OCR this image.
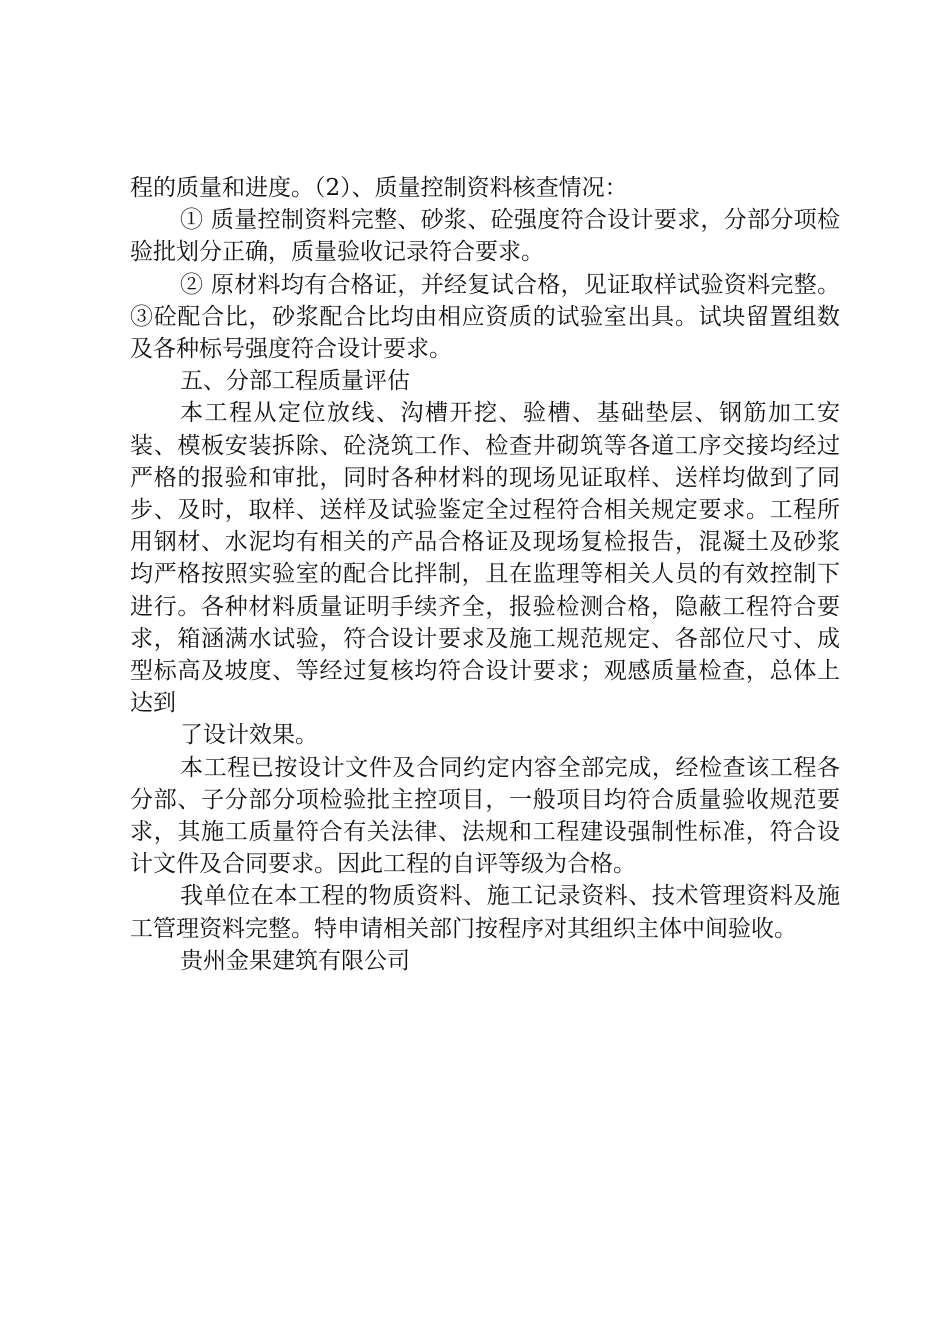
程的质量和进度。（2）、质量控制资料核查情况：

① 质量控制资料完整、砂浆、砼强度符合设计要求，分部分项检验批划分正确，质量验收记录符合要求。

② 原材料均有合格证，并经复试合格，见证取样试验资料完整。③砼配合比，砂浆配合比均由相应资质的试验室出具。试块留置组数及各种标号强度符合设计要求。

五、分部工程质量评估

本工程从定位放线、沟槽开挖、验槽、基础垫层、钢筋加工安装、模板安装拆除、砼浇筑工作、检查井砌筑等各道工序交接均经过严格的报验和审批，同时各种材料的现场见证取样、送样均做到了同步、及时，取样、送样及试验鉴定全过程符合相关规定要求。工程所用钢材、水泥均有相关的产品合格证及现场复检报告，混凝土及砂浆均严格按照实验室的配合比拌制，且在监理等相关人员的有效控制下进行。各种材料质量证明手续齐全，报验检测合格，隐蔽工程符合要求，箱涵满水试验，符合设计要求及施工规范规定、各部位尺寸、成型标高及坡度、等经过复核均符合设计要求；观感质量检查，总体上达到

了设计效果。

本工程已按设计文件及合同约定内容全部完成，经检查该工程各分部、子分部分项检验批主控项目，一般项目均符合质量验收规范要求，其施工质量符合有关法律、法规和工程建设强制性标准，符合设计文件及合同要求。因此工程的自评等级为合格。

我单位在本工程的物质资料、施工记录资料、技术管理资料及施工管理资料完整。特申请相关部门按程序对其组织主体中间验收。

贵州金果建筑有限公司
